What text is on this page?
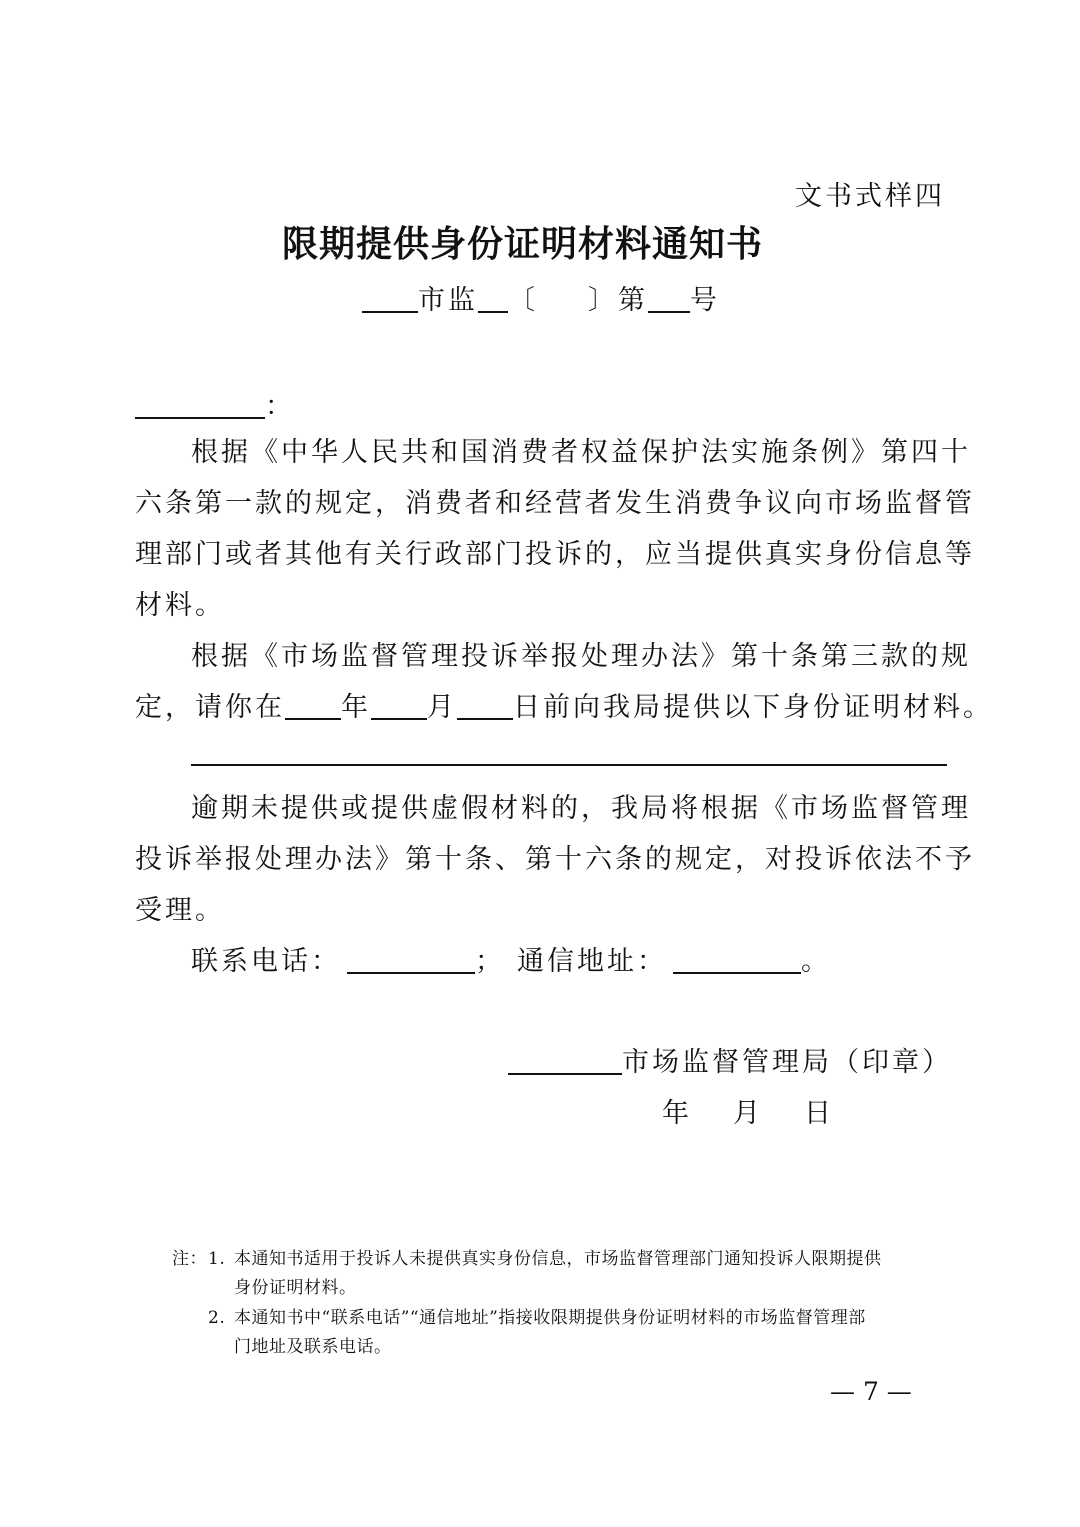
文书式样四
限期提供身份证明材料通知书
市监 〔 〕第 号
：
根据《中华人民共和国消费者权益保护法实施条例》第四十
六条第一款的规定，消费者和经营者发生消费争议向市场监督管
理部门或者其他有关行政部门投诉的，应当提供真实身份信息等
材料。
根据《市场监督管理投诉举报处理办法》第十条第三款的规
定，请你在 年 月 日前向我局提供以下身份证明材料。
逾期未提供或提供虚假材料的，我局将根据《市场监督管理
投诉举报处理办法》第十条、第十六条的规定，对投诉依法不予
受理。
联系电话：	； 通信地址：	。
市场监督管理局（印章）
年 月 日
注： 1. 本通知书适用于投诉人未提供真实身份信息，市场监督管理部门通知投诉人限期提供
身份证明材料。
2. 本通知书中“联系电话”“通信地址”指接收限期提供身份证明材料的市场监督管理部
门地址及联系电话。
— 7 —
